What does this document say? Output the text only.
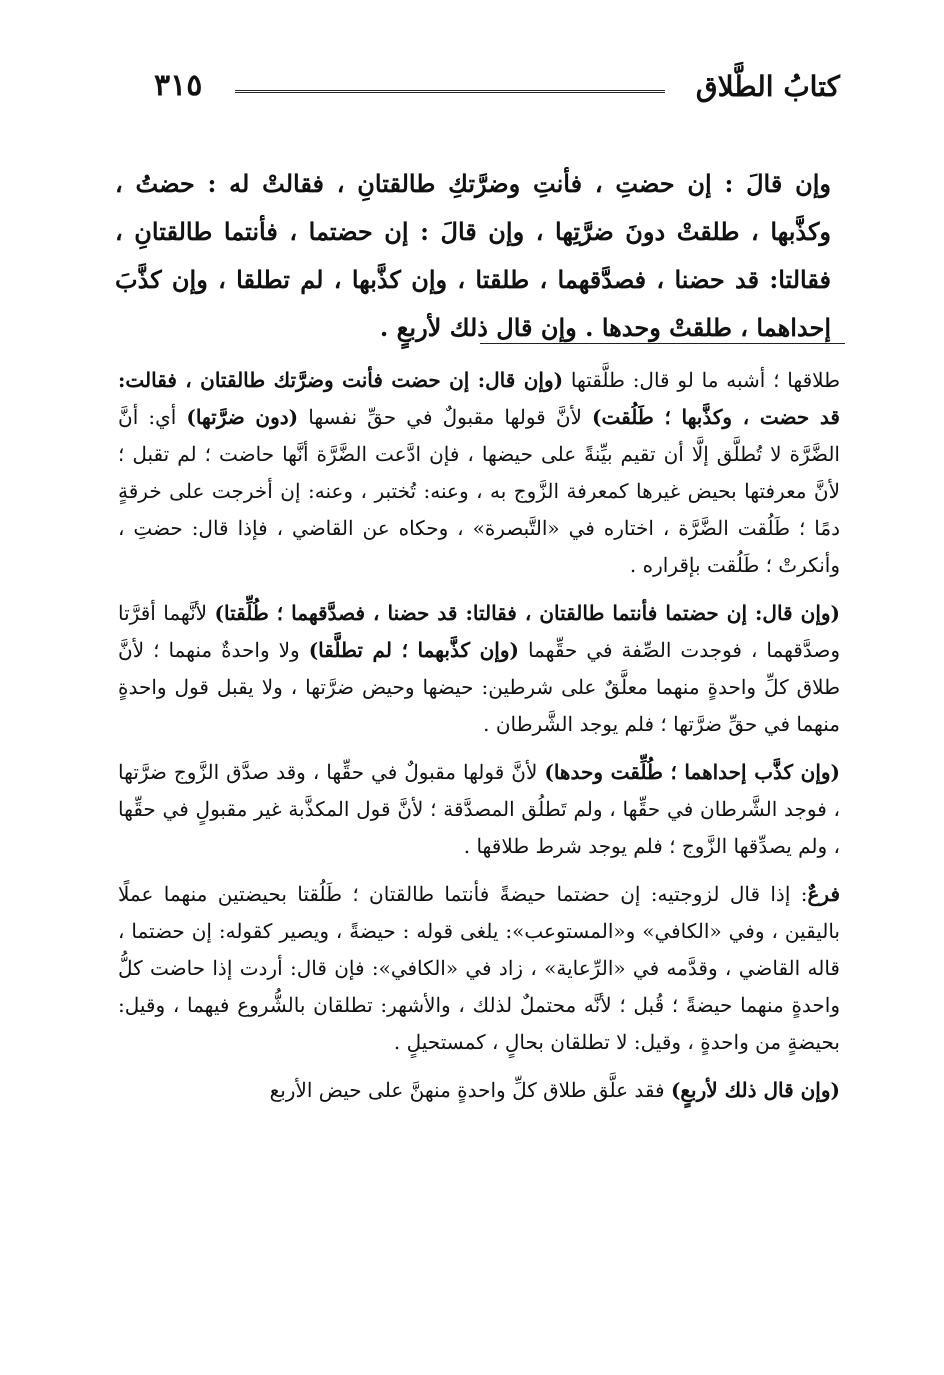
٣١٥	كتابُ الطَّلاق

وإن قالَ : إن حضتِ ، فأنتِ وضرَّتكِ طالقتانِ ، فقالتْ له : حضتُ ، وكذَّبها ، طلقتْ دونَ ضرَّتِها ، وإن قالَ : إن حضتما ، فأنتما طالقتانِ ، فقالتا: قد حضنا ، فصدَّقهما ، طلقتا ، وإن كذَّبها ، لم تطلقا ، وإن كذَّبَ إحداهما ، طلقتْ وحدها . وإن قال ذلك لأربعٍ .

طلاقها ؛ أشبه ما لو قال: طلَّقتها (وإن قال: إن حضت فأنت وضرَّتك طالقتان ، فقالت: قد حضت ، وكذَّبها ؛ طَلُقت) لأنَّ قولها مقبولٌ في حقِّ نفسها (دون ضرَّتها) أي: أنَّ الضَّرَّة لا تُطلَّق إلَّا أن تقيم بيِّنةً على حيضها ، فإن ادَّعت الضَّرَّة أنَّها حاضت ؛ لم تقبل ؛ لأنَّ معرفتها بحيض غيرها كمعرفة الزَّوج به ، وعنه: تُختبر ، وعنه: إن أخرجت على خرقةٍ دمًا ؛ طَلُقت الضَّرَّة ، اختاره في «التَّبصرة» ، وحكاه عن القاضي ، فإذا قال: حضتِ ، وأنكرتْ ؛ طَلُقت بإقراره .

(وإن قال: إن حضتما فأنتما طالقتان ، فقالتا: قد حضنا ، فصدَّقهما ؛ طُلِّقتا) لأنَّهما أقرَّتا وصدَّقهما ، فوجدت الصِّفة في حقِّهما (وإن كذَّبهما ؛ لم تطلَّقا) ولا واحدةٌ منهما ؛ لأنَّ طلاق كلِّ واحدةٍ منهما معلَّقٌ على شرطين: حيضها وحيض ضرَّتها ، ولا يقبل قول واحدةٍ منهما في حقِّ ضرَّتها ؛ فلم يوجد الشَّرطان .

(وإن كذَّب إحداهما ؛ طُلِّقت وحدها) لأنَّ قولها مقبولٌ في حقِّها ، وقد صدَّق الزَّوج ضرَّتها ، فوجد الشَّرطان في حقِّها ، ولم تَطلُق المصدَّقة ؛ لأنَّ قول المكذَّبة غير مقبولٍ في حقِّها ، ولم يصدِّقها الزَّوج ؛ فلم يوجد شرط طلاقها .

فرعٌ: إذا قال لزوجتيه: إن حضتما حيضةً فأنتما طالقتان ؛ طَلُقتا بحيضتين منهما عملًا باليقين ، وفي «الكافي» و«المستوعب»: يلغى قوله : حيضةً ، ويصير كقوله: إن حضتما ، قاله القاضي ، وقدَّمه في «الرِّعاية» ، زاد في «الكافي»: فإن قال: أردت إذا حاضت كلُّ واحدةٍ منهما حيضةً ؛ قُبل ؛ لأنَّه محتملٌ لذلك ، والأشهر: تطلقان بالشُّروع فيهما ، وقيل: بحيضةٍ من واحدةٍ ، وقيل: لا تطلقان بحالٍ ، كمستحيلٍ .

(وإن قال ذلك لأربعٍ) فقد علَّق طلاق كلِّ واحدةٍ منهنَّ على حيض الأربع
